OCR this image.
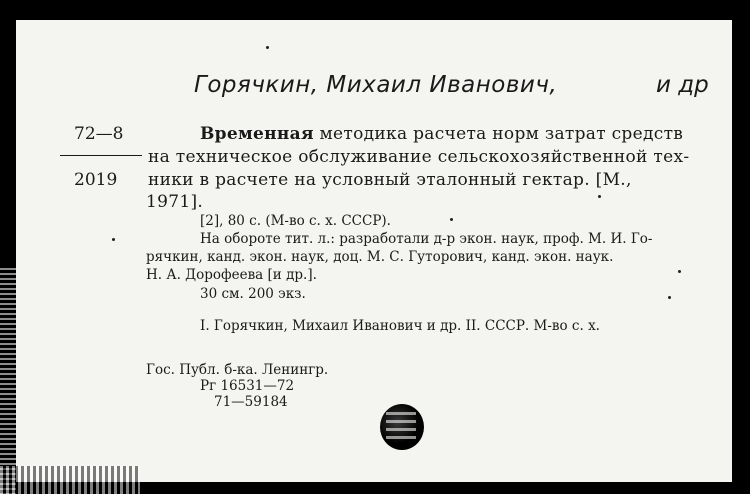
Горячкин, Михаил Иванович,	и др
72—8
2019
Временная методика расчета норм затрат средств
на техническое обслуживание сельскохозяйственной тех-
ники в расчете на условный эталонный гектар. [М.,
1971].
[2], 80 с. (М-во с. х. СССР).
На обороте тит. л.: разработали д-р экон. наук, проф. М. И. Го-
рячкин, канд. экон. наук, доц. М. С. Гуторович, канд. экон. наук.
Н. А. Дорофеева [и др.].
30 см. 200 экз.
I. Горячкин, Михаил Иванович и др. II. СССР. М-во с. х.
Гос. Публ. б-ка. Ленингр.
Рг 16531—72
71—59184
